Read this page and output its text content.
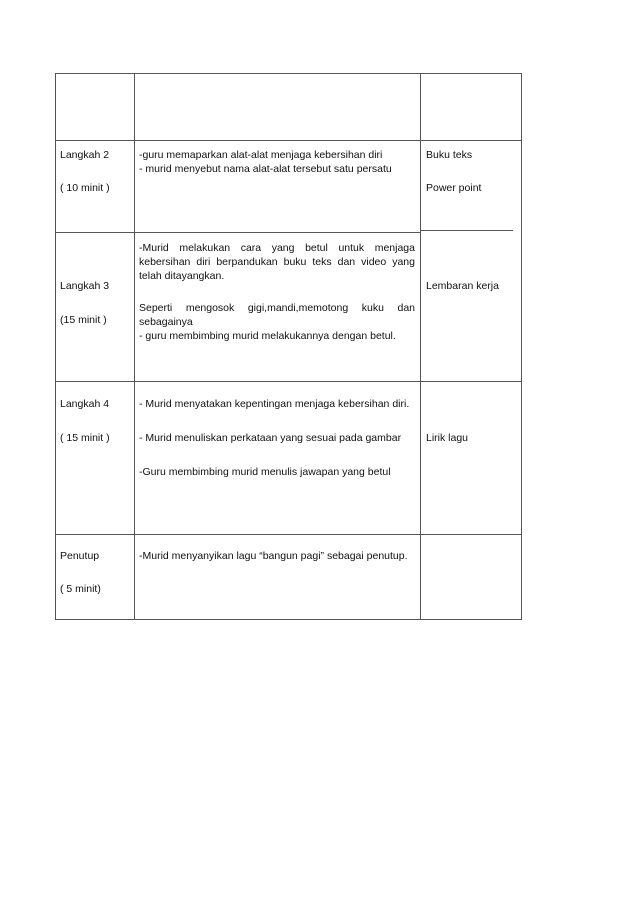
Langkah 2

( 10 minit )

-guru memaparkan alat-alat menjaga kebersihan diri

- murid menyebut nama alat-alat tersebut satu persatu

Buku teks

Power point

Langkah 3

(15 minit )

-Murid melakukan cara yang betul untuk menjaga

kebersihan diri berpandukan buku teks dan video yang

telah ditayangkan.

Seperti mengosok gigi,mandi,memotong kuku dan

sebagainya

- guru membimbing murid melakukannya dengan betul.

Lembaran kerja

Langkah 4

( 15 minit )

- Murid menyatakan kepentingan menjaga kebersihan diri.

- Murid menuliskan perkataan yang sesuai pada gambar

-Guru membimbing murid menulis jawapan yang betul

Lirik lagu

Penutup

( 5 minit)

-Murid menyanyikan lagu “bangun pagi” sebagai penutup.
